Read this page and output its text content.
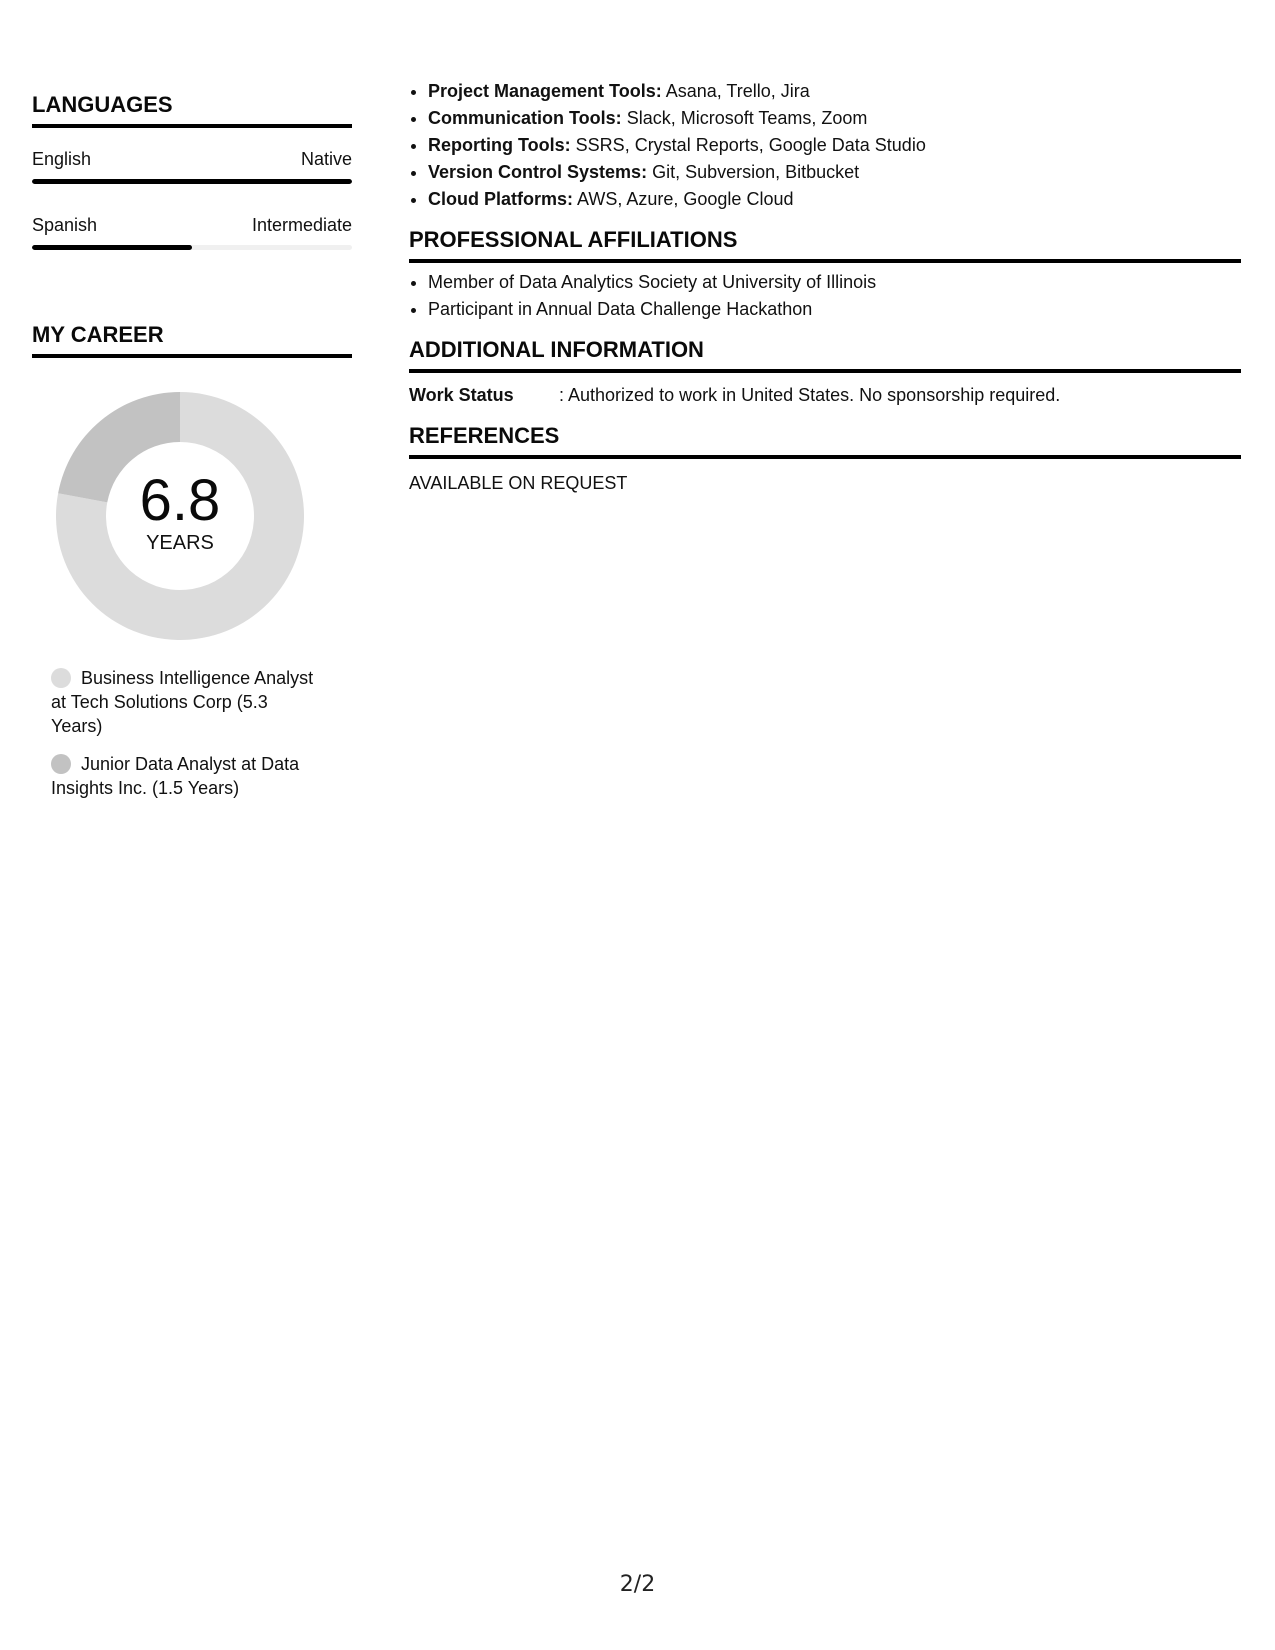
LANGUAGES
English	Native
Spanish	Intermediate
MY CAREER
6.8
YEARS
Business Intelligence Analyst at Tech Solutions Corp (5.3 Years)
Junior Data Analyst at Data Insights Inc. (1.5 Years)
• Project Management Tools: Asana, Trello, Jira
• Communication Tools: Slack, Microsoft Teams, Zoom
• Reporting Tools: SSRS, Crystal Reports, Google Data Studio
• Version Control Systems: Git, Subversion, Bitbucket
• Cloud Platforms: AWS, Azure, Google Cloud
PROFESSIONAL AFFILIATIONS
• Member of Data Analytics Society at University of Illinois
• Participant in Annual Data Challenge Hackathon
ADDITIONAL INFORMATION
Work Status	: Authorized to work in United States. No sponsorship required.
REFERENCES
AVAILABLE ON REQUEST
2/2
